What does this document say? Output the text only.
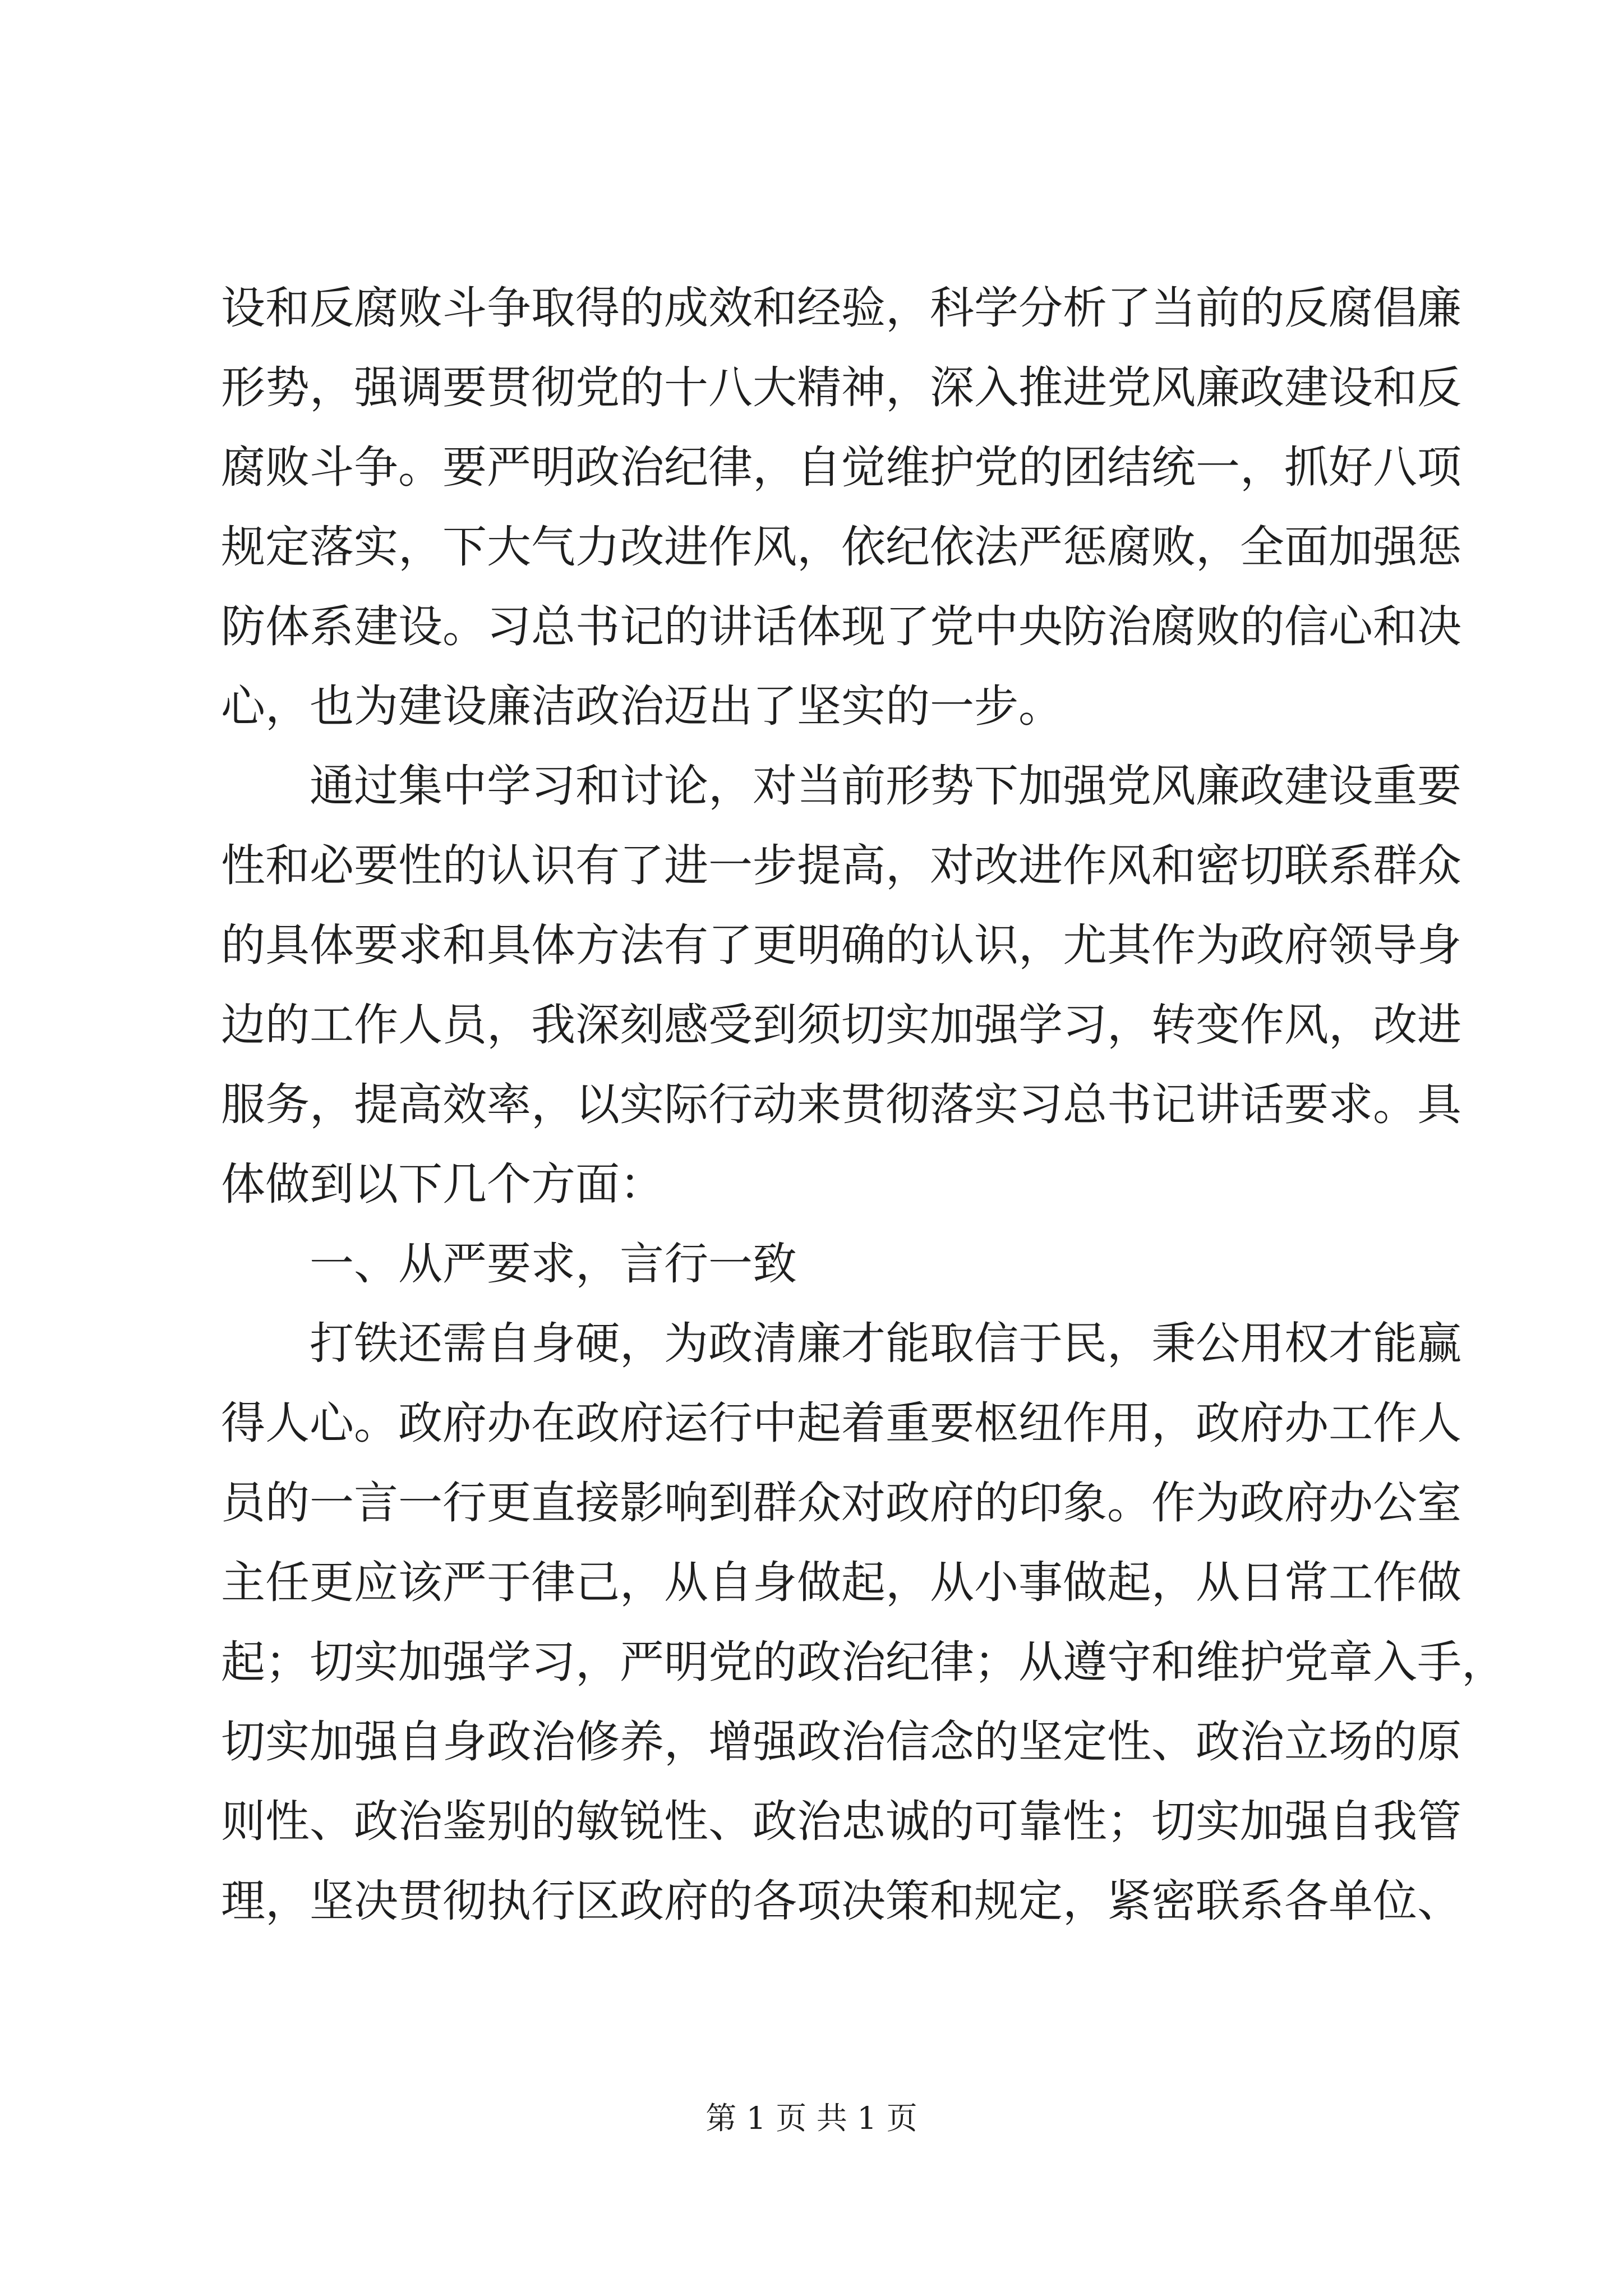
设和反腐败斗争取得的成效和经验，科学分析了当前的反腐倡廉
形势，强调要贯彻党的十八大精神，深入推进党风廉政建设和反
腐败斗争。要严明政治纪律，自觉维护党的团结统一，抓好八项
规定落实，下大气力改进作风，依纪依法严惩腐败，全面加强惩
防体系建设。习总书记的讲话体现了党中央防治腐败的信心和决
心，也为建设廉洁政治迈出了坚实的一步。
通过集中学习和讨论，对当前形势下加强党风廉政建设重要
性和必要性的认识有了进一步提高，对改进作风和密切联系群众
的具体要求和具体方法有了更明确的认识，尤其作为政府领导身
边的工作人员，我深刻感受到须切实加强学习，转变作风，改进
服务，提高效率，以实际行动来贯彻落实习总书记讲话要求。具
体做到以下几个方面：
一、从严要求，言行一致
打铁还需自身硬，为政清廉才能取信于民，秉公用权才能赢
得人心。政府办在政府运行中起着重要枢纽作用，政府办工作人
员的一言一行更直接影响到群众对政府的印象。作为政府办公室
主任更应该严于律己，从自身做起，从小事做起，从日常工作做
起；切实加强学习，严明党的政治纪律；从遵守和维护党章入手，
切实加强自身政治修养，增强政治信念的坚定性、政治立场的原
则性、政治鉴别的敏锐性、政治忠诚的可靠性；切实加强自我管
理，坚决贯彻执行区政府的各项决策和规定，紧密联系各单位、
第 1 页 共 1 页
